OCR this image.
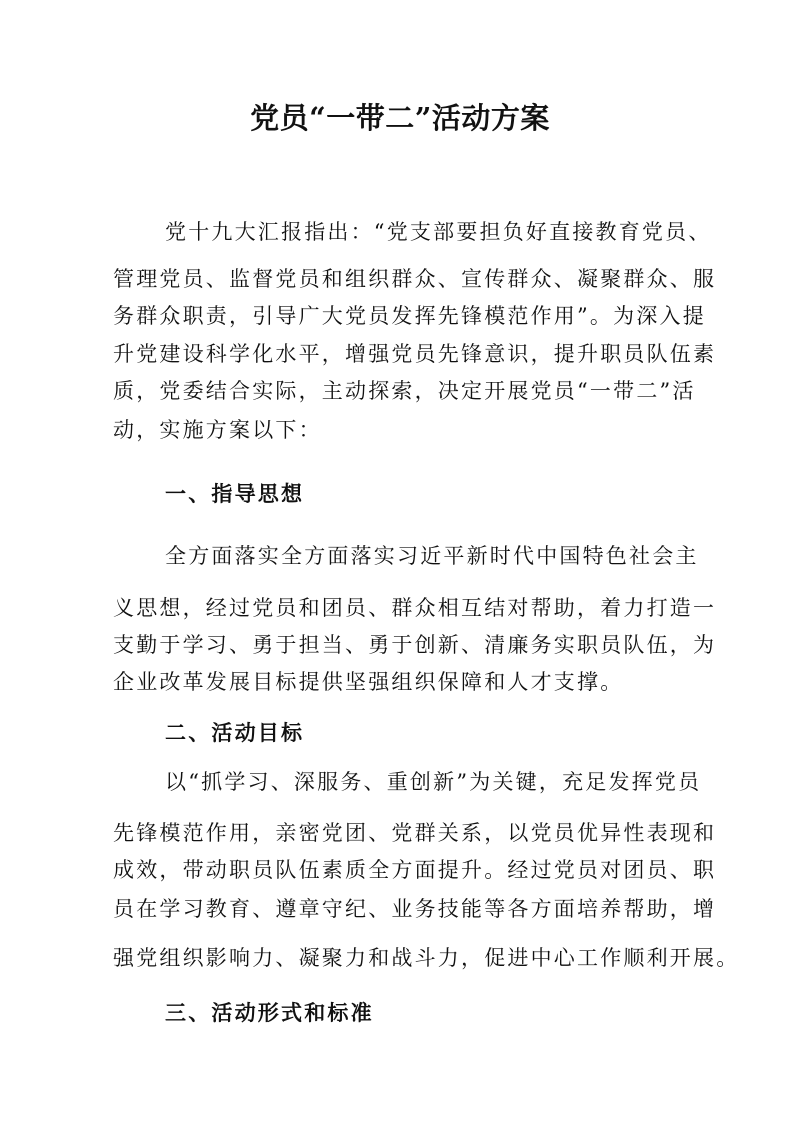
党员“一带二”活动方案
党十九大汇报指出：“党支部要担负好直接教育党员、
管理党员、监督党员和组织群众、宣传群众、凝聚群众、服
务群众职责，引导广大党员发挥先锋模范作用”。为深入提
升党建设科学化水平，增强党员先锋意识，提升职员队伍素
质，党委结合实际，主动探索，决定开展党员“一带二”活
动，实施方案以下：
一、指导思想
全方面落实全方面落实习近平新时代中国特色社会主
义思想，经过党员和团员、群众相互结对帮助，着力打造一
支勤于学习、勇于担当、勇于创新、清廉务实职员队伍，为
企业改革发展目标提供坚强组织保障和人才支撑。
二、活动目标
以“抓学习、深服务、重创新”为关键，充足发挥党员
先锋模范作用，亲密党团、党群关系，以党员优异性表现和
成效，带动职员队伍素质全方面提升。经过党员对团员、职
员在学习教育、遵章守纪、业务技能等各方面培养帮助，增
强党组织影响力、凝聚力和战斗力，促进中心工作顺利开展。
三、活动形式和标准
